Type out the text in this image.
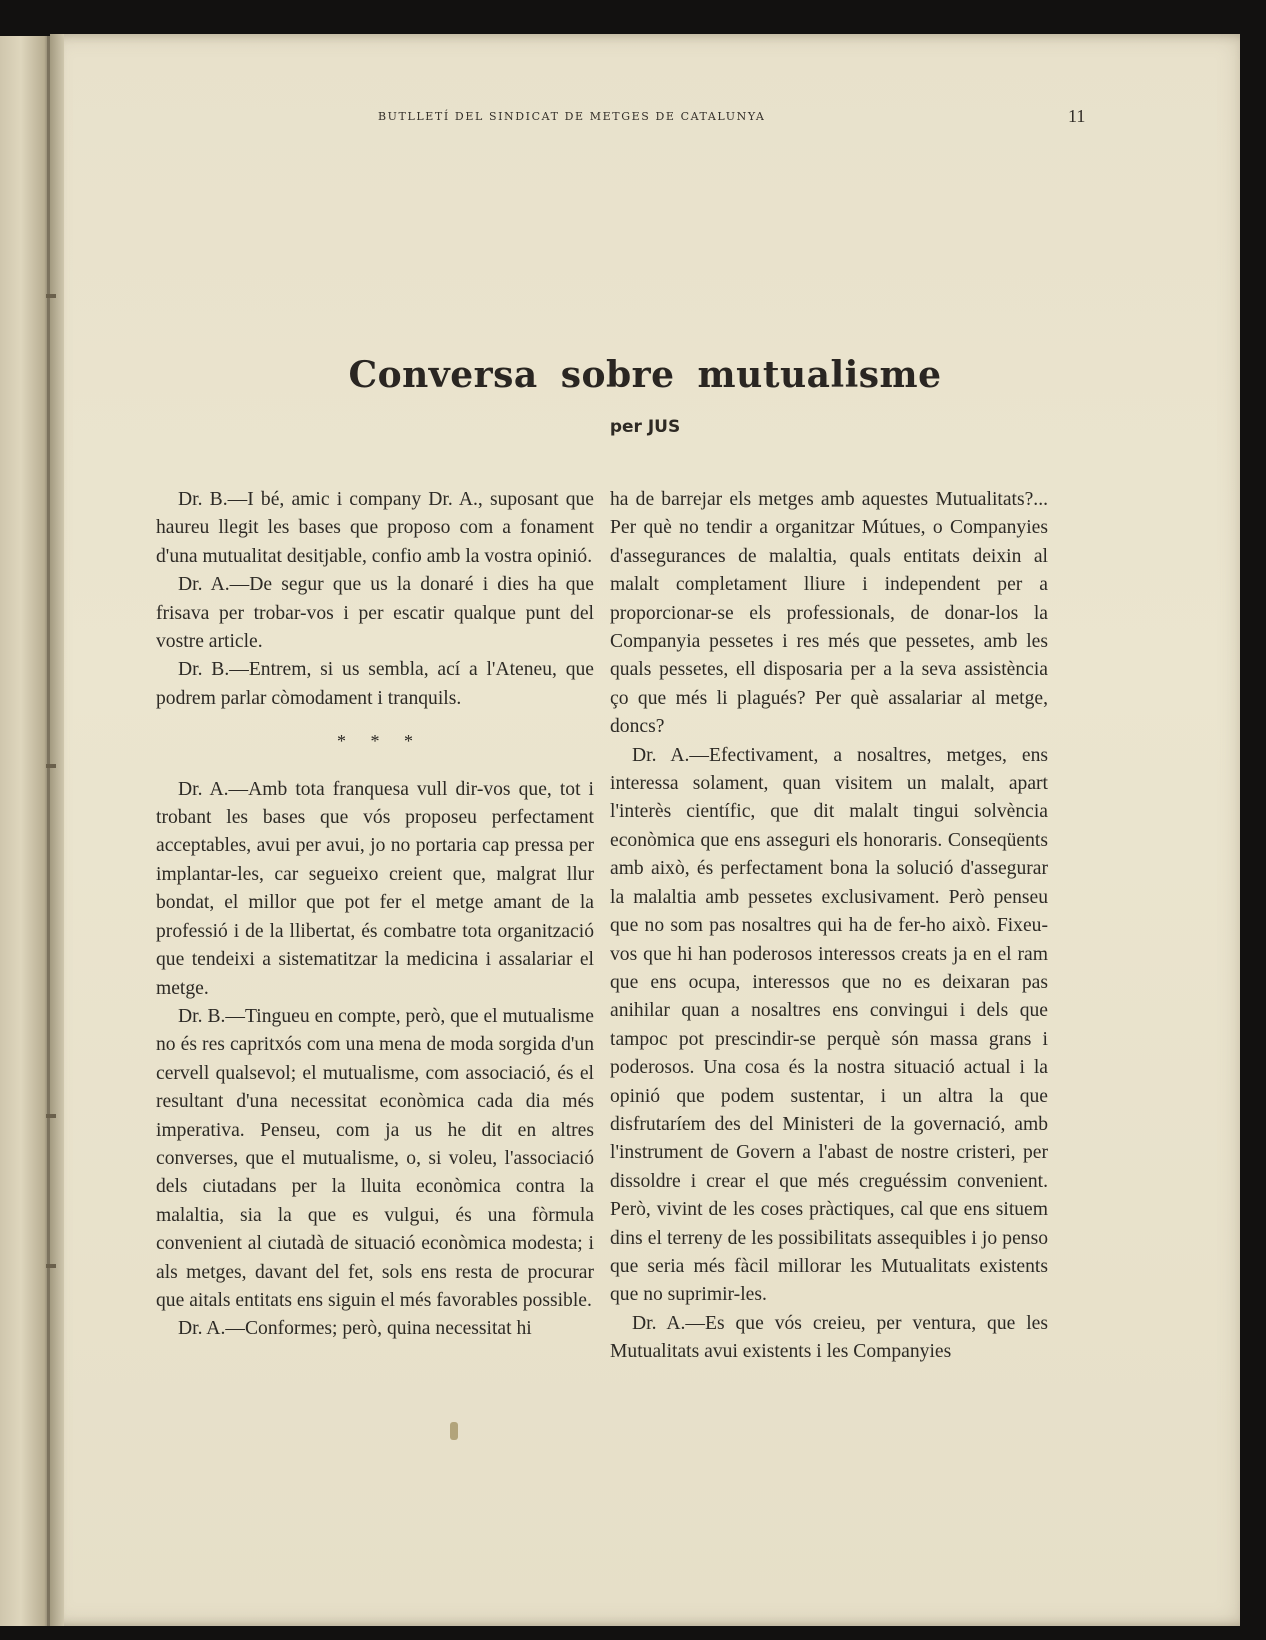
BUTLLETÍ DEL SINDICAT DE METGES DE CATALUNYA	11
Conversa sobre mutualisme
per JUS

Dr. B.—I bé, amic i company Dr. A., suposant que haureu llegit les bases que proposo com a fonament d'una mutualitat desitjable, confio amb la vostra opinió.

Dr. A.—De segur que us la donaré i dies ha que frisava per trobar-vos i per escatir qualque punt del vostre article.

Dr. B.—Entrem, si us sembla, ací a l'Ateneu, que podrem parlar còmodament i tranquils.

* * *

Dr. A.—Amb tota franquesa vull dir-vos que, tot i trobant les bases que vós proposeu perfectament acceptables, avui per avui, jo no portaria cap pressa per implantar-les, car segueixo creient que, malgrat llur bondat, el millor que pot fer el metge amant de la professió i de la llibertat, és combatre tota organització que tendeixi a sistematitzar la medicina i assalariar el metge.

Dr. B.—Tingueu en compte, però, que el mutualisme no és res capritxós com una mena de moda sorgida d'un cervell qualsevol; el mutualisme, com associació, és el resultant d'una necessitat econòmica cada dia més imperativa. Penseu, com ja us he dit en altres converses, que el mutualisme, o, si voleu, l'associació dels ciutadans per la lluita econòmica contra la malaltia, sia la que es vulgui, és una fòrmula convenient al ciutadà de situació econòmica modesta; i als metges, davant del fet, sols ens resta de procurar que aitals entitats ens siguin el més favorables possible.

Dr. A.—Conformes; però, quina necessitat hi

ha de barrejar els metges amb aquestes Mutualitats?... Per què no tendir a organitzar Mútues, o Companyies d'assegurances de malaltia, quals entitats deixin al malalt completament lliure i independent per a proporcionar-se els professionals, de donar-los la Companyia pessetes i res més que pessetes, amb les quals pessetes, ell disposaria per a la seva assistència ço que més li plagués? Per què assalariar al metge, doncs?

Dr. A.—Efectivament, a nosaltres, metges, ens interessa solament, quan visitem un malalt, apart l'interès científic, que dit malalt tingui solvència econòmica que ens asseguri els honoraris. Conseqüents amb això, és perfectament bona la solució d'assegurar la malaltia amb pessetes exclusivament. Però penseu que no som pas nosaltres qui ha de fer-ho això. Fixeu-vos que hi han poderosos interessos creats ja en el ram que ens ocupa, interessos que no es deixaran pas anihilar quan a nosaltres ens convingui i dels que tampoc pot prescindir-se perquè són massa grans i poderosos. Una cosa és la nostra situació actual i la opinió que podem sustentar, i un altra la que disfrutaríem des del Ministeri de la governació, amb l'instrument de Govern a l'abast de nostre cristeri, per dissoldre i crear el que més creguéssim convenient. Però, vivint de les coses pràctiques, cal que ens situem dins el terreny de les possibilitats assequibles i jo penso que seria més fàcil millorar les Mutualitats existents que no suprimir-les.

Dr. A.—Es que vós creieu, per ventura, que les Mutualitats avui existents i les Companyies
